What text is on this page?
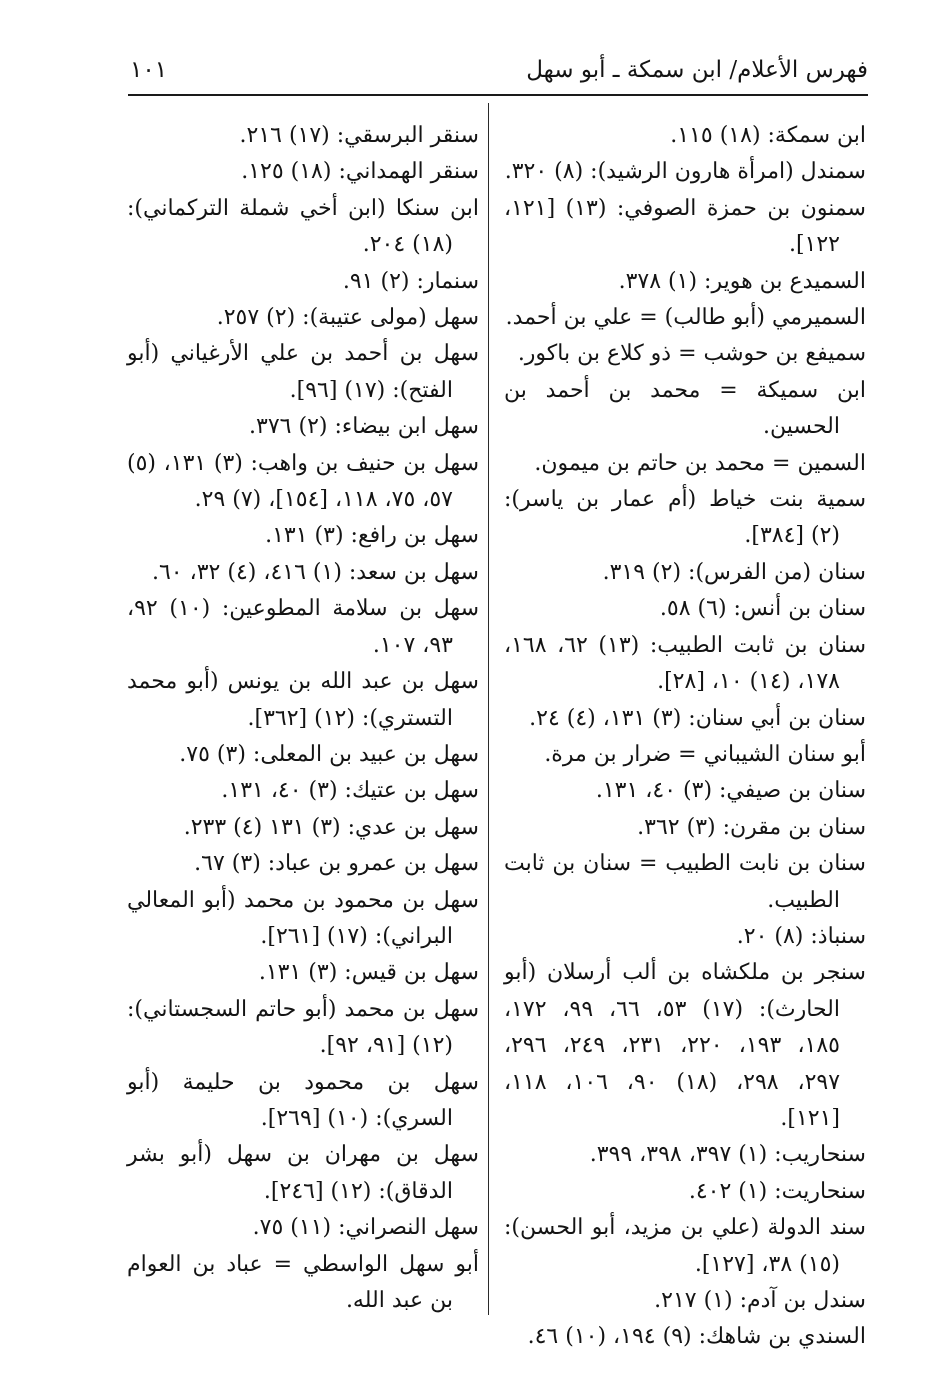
فهرس الأعلام/ ابن سمكة ـ أبو سهل
١٠١

ابن سمكة: (١٨) ١١٥.

سمندل (امرأة هارون الرشيد): (٨) ٣٢٠.

سمنون بن حمزة الصوفي: (١٣) [١٢١، ١٢٢].

السميدع بن هوير: (١) ٣٧٨.

السميرمي (أبو طالب) = علي بن أحمد.

سميفع بن حوشب = ذو كلاع بن باكور.

ابن سميكة = محمد بن أحمد بن الحسين.

السمين = محمد بن حاتم بن ميمون.

سمية بنت خياط (أم عمار بن ياسر): (٢) [٣٨٤].

سنان (من الفرس): (٢) ٣١٩.

سنان بن أنس: (٦) ٥٨.

سنان بن ثابت الطبيب: (١٣) ٦٢، ١٦٨، ١٧٨، (١٤) ١٠، [٢٨].

سنان بن أبي سنان: (٣) ١٣١، (٤) ٢٤.

أبو سنان الشيباني = ضرار بن مرة.

سنان بن صيفي: (٣) ٤٠، ١٣١.

سنان بن مقرن: (٣) ٣٦٢.

سنان بن نابت الطبيب = سنان بن ثابت الطبيب.

سنباذ: (٨) ٢٠.

سنجر بن ملكشاه بن ألب أرسلان (أبو الحارث): (١٧) ٥٣، ٦٦، ٩٩، ١٧٢، ١٨٥، ١٩٣، ٢٢٠، ٢٣١، ٢٤٩، ٢٩٦، ٢٩٧، ٢٩٨، (١٨) ٩٠، ١٠٦، ١١٨، [١٢١].

سنحاريب: (١) ٣٩٧، ٣٩٨، ٣٩٩.

سنحاريت: (١) ٤٠٢.

سند الدولة (علي بن مزيد، أبو الحسن): (١٥) ٣٨، [١٢٧].

سندل بن آدم: (١) ٢١٧.

السندي بن شاهك: (٩) ١٩٤، (١٠) ٤٦.

سنقر البرسقي: (١٧) ٢١٦.

سنقر الهمداني: (١٨) ١٢٥.

ابن سنكا (ابن أخي شملة التركماني): (١٨) ٢٠٤.

سنمار: (٢) ٩١.

سهل (مولى عتيبة): (٢) ٢٥٧.

سهل بن أحمد بن علي الأرغياني (أبو الفتح): (١٧) [٩٦].

سهل ابن بيضاء: (٢) ٣٧٦.

سهل بن حنيف بن واهب: (٣) ١٣١، (٥) ٥٧، ٧٥، ١١٨، [١٥٤]، (٧) ٢٩.

سهل بن رافع: (٣) ١٣١.

سهل بن سعد: (١) ٤١٦، (٤) ٣٢، ٦٠.

سهل بن سلامة المطوعين: (١٠) ٩٢، ٩٣، ١٠٧.

سهل بن عبد الله بن يونس (أبو محمد التستري): (١٢) [٣٦٢].

سهل بن عبيد بن المعلى: (٣) ٧٥.

سهل بن عتيك: (٣) ٤٠، ١٣١.

سهل بن عدي: (٣) ١٣١ (٤) ٢٣٣.

سهل بن عمرو بن عباد: (٣) ٦٧.

سهل بن محمود بن محمد (أبو المعالي البراني): (١٧) [٢٦١].

سهل بن قيس: (٣) ١٣١.

سهل بن محمد (أبو حاتم السجستاني): (١٢) [٩١، ٩٢].

سهل بن محمود بن حليمة (أبو السري): (١٠) [٢٦٩].

سهل بن مهران بن سهل (أبو بشر الدقاق): (١٢) [٢٤٦].

سهل النصراني: (١١) ٧٥.

أبو سهل الواسطي = عباد بن العوام بن عبد الله.
